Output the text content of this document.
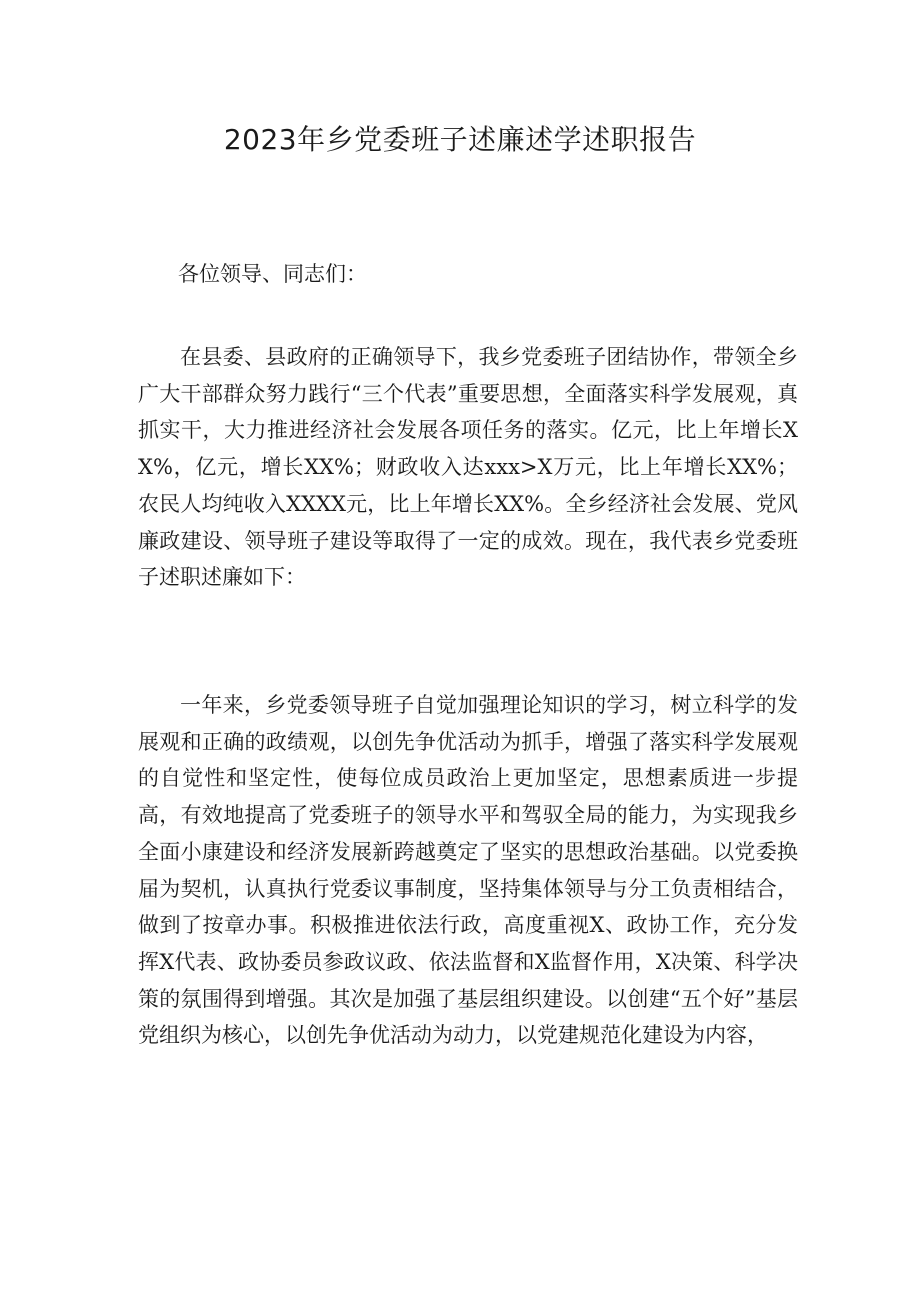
2023年乡党委班子述廉述学述职报告

各位领导、同志们：

在县委、县政府的正确领导下，我乡党委班子团结协作，带领全乡广大干部群众努力践行“三个代表”重要思想，全面落实科学发展观，真抓实干，大力推进经济社会发展各项任务的落实。亿元，比上年增长XX%，亿元，增长XX%；财政收入达xxx>X万元，比上年增长XX%；农民人均纯收入XXXX元，比上年增长XX%。全乡经济社会发展、党风廉政建设、领导班子建设等取得了一定的成效。现在，我代表乡党委班子述职述廉如下：

一年来，乡党委领导班子自觉加强理论知识的学习，树立科学的发展观和正确的政绩观，以创先争优活动为抓手，增强了落实科学发展观的自觉性和坚定性，使每位成员政治上更加坚定，思想素质进一步提高，有效地提高了党委班子的领导水平和驾驭全局的能力，为实现我乡全面小康建设和经济发展新跨越奠定了坚实的思想政治基础。以党委换届为契机，认真执行党委议事制度，坚持集体领导与分工负责相结合，做到了按章办事。积极推进依法行政，高度重视X、政协工作，充分发挥X代表、政协委员参政议政、依法监督和X监督作用，X决策、科学决策的氛围得到增强。其次是加强了基层组织建设。以创建“五个好”基层党组织为核心，以创先争优活动为动力，以党建规范化建设为内容，
